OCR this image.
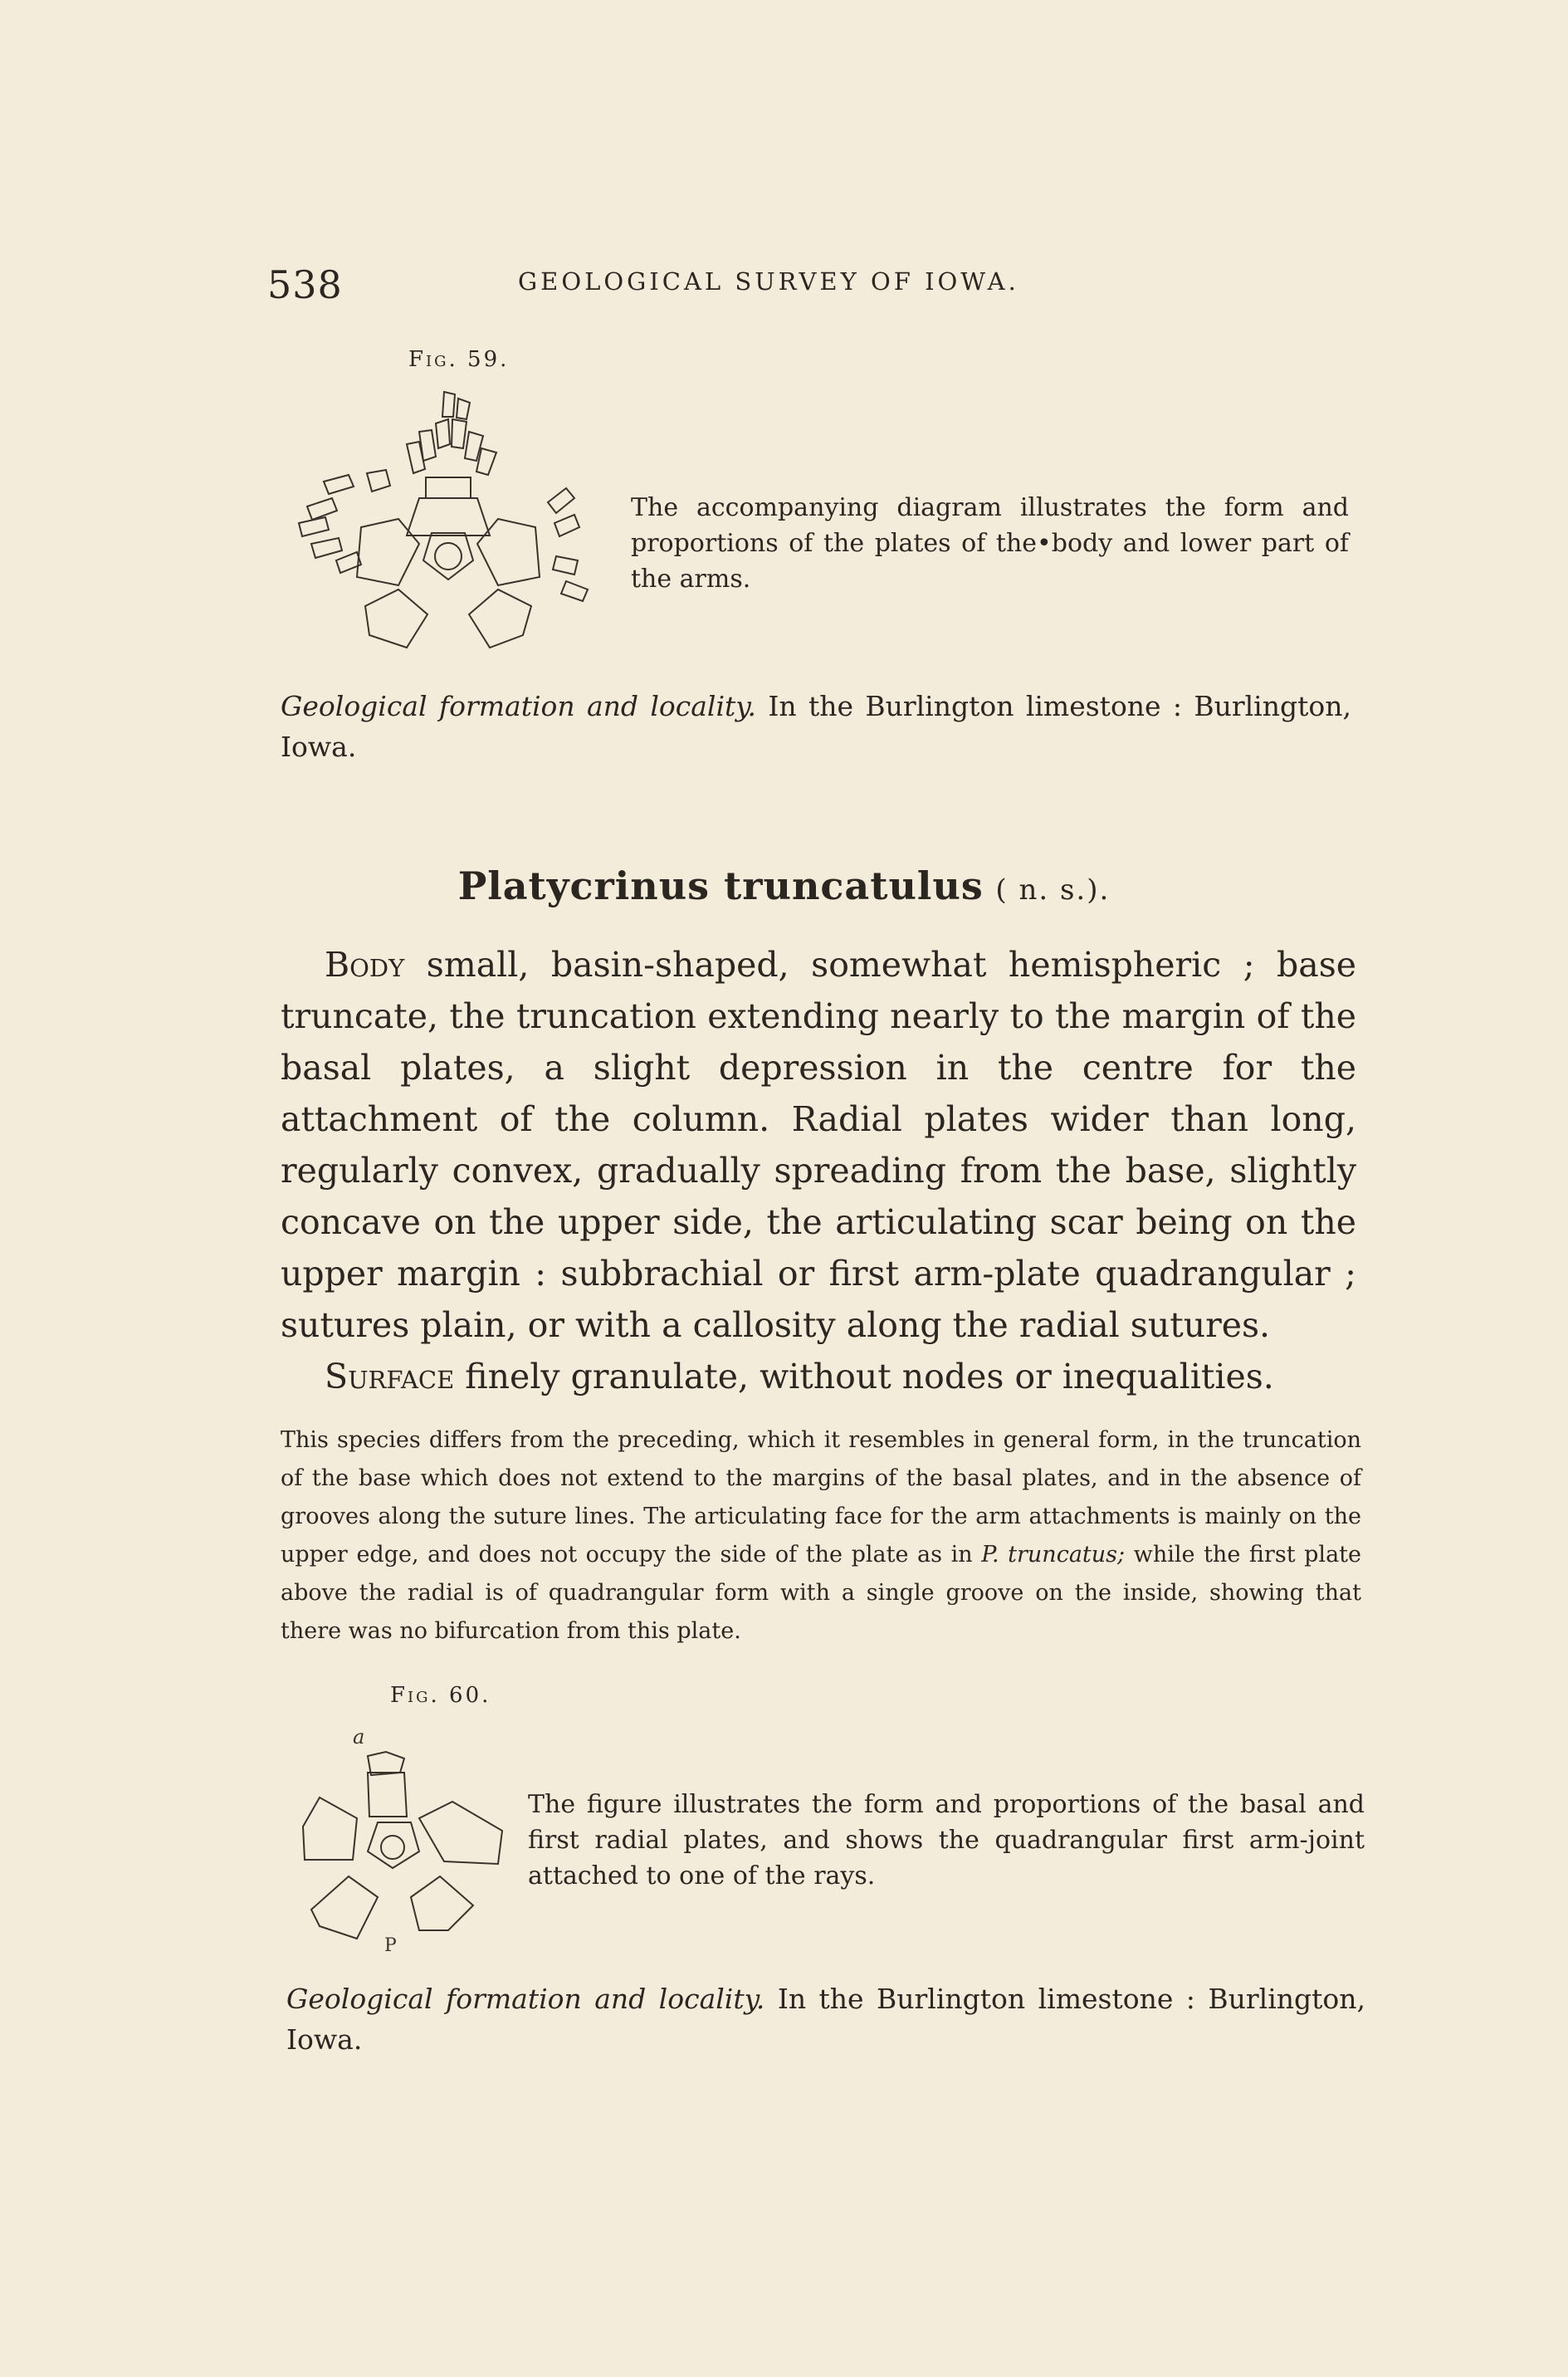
538	GEOLOGICAL SURVEY OF IOWA.
Fig. 59.
The accompanying diagram illustrates the form and proportions of the plates of the•body and lower part of the arms.
Geological formation and locality. In the Burlington limestone : Burlington, Iowa.
Platycrinus truncatulus ( n. s.).

Body small, basin-shaped, somewhat hemispheric ; base truncate, the truncation extending nearly to the margin of the basal plates, a slight depression in the centre for the attachment of the column. Radial plates wider than long, regularly convex, gradually spreading from the base, slightly concave on the upper side, the articulating scar being on the upper margin : subbrachial or first arm-plate quadrangular ; sutures plain, or with a callosity along the radial sutures.

Surface finely granulate, without nodes or inequalities.

This species differs from the preceding, which it resembles in general form, in the truncation of the base which does not extend to the margins of the basal plates, and in the absence of grooves along the suture lines. The articulating face for the arm attachments is mainly on the upper edge, and does not occupy the side of the plate as in P. truncatus; while the first plate above the radial is of quadrangular form with a single groove on the inside, showing that there was no bifurcation from this plate.
Fig. 60.
a
P
The figure illustrates the form and proportions of the basal and first radial plates, and shows the quadrangular first arm-joint attached to one of the rays.
Geological formation and locality. In the Burlington limestone : Burlington, Iowa.
